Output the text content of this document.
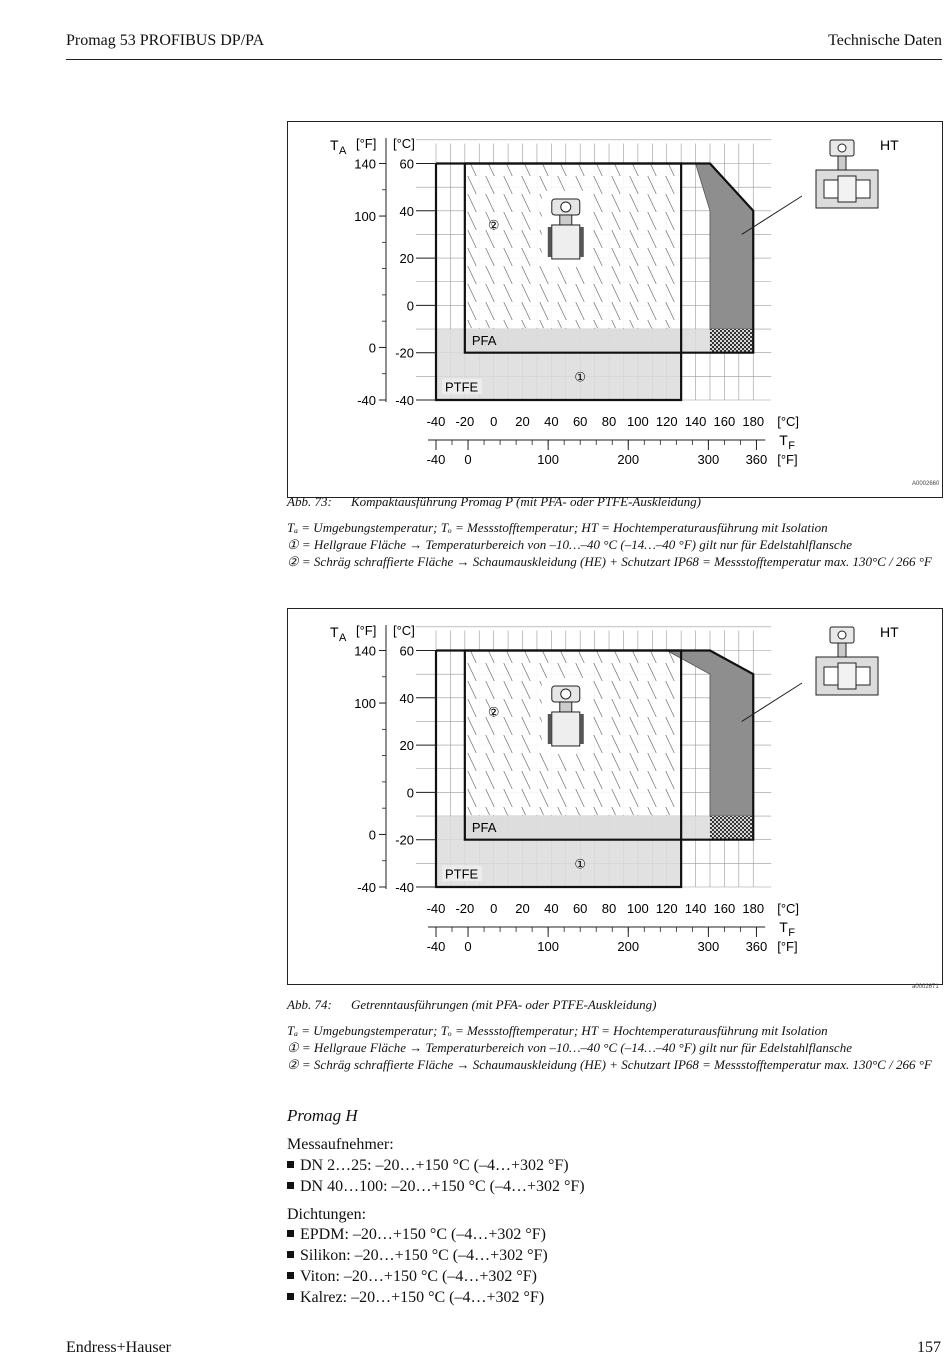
Promag 53 PROFIBUS DP/PA	Technische Daten
HT
T A [°F] [°C]
60
40
20
0
-20
-40
140
100
0
-40
-40 -20 0 20 40 60 80 100 120 140 160 180 [°C]
T F
-40 0	100	200	300 360 [°F]
PFA
PTFE
①
②
A0002660
Abb. 73: Kompaktausführung Promag P (mit PFA- oder PTFE-Auskleidung)
Tₐ = Umgebungstemperatur; Tₒ = Messstofftemperatur; HT = Hochtemperaturausführung mit Isolation
① = Hellgraue Fläche → Temperaturbereich von –10…–40 °C (–14…–40 °F) gilt nur für Edelstahlflansche
② = Schräg schraffierte Fläche → Schaumauskleidung (HE) + Schutzart IP68 = Messstofftemperatur max. 130°C / 266 °F
HT
T A [°F] [°C]
60
40
20
0
-20
-40
140
100
0
-40
-40 -20 0 20 40 60 80 100 120 140 160 180 [°C]
T F
-40 0	100	200	300 360 [°F]
PFA
PTFE
①
②
a0002671
Abb. 74: Getrenntausführungen (mit PFA- oder PTFE-Auskleidung)
Tₐ = Umgebungstemperatur; Tₒ = Messstofftemperatur; HT = Hochtemperaturausführung mit Isolation
① = Hellgraue Fläche → Temperaturbereich von –10…–40 °C (–14…–40 °F) gilt nur für Edelstahlflansche
② = Schräg schraffierte Fläche → Schaumauskleidung (HE) + Schutzart IP68 = Messstofftemperatur max. 130°C / 266 °F
Promag H
Messaufnehmer:
DN 2…25: –20…+150 °C (–4…+302 °F)
DN 40…100: –20…+150 °C (–4…+302 °F)
Dichtungen:
EPDM: –20…+150 °C (–4…+302 °F)
Silikon: –20…+150 °C (–4…+302 °F)
Viton: –20…+150 °C (–4…+302 °F)
Kalrez: –20…+150 °C (–4…+302 °F)
Endress+Hauser	157
